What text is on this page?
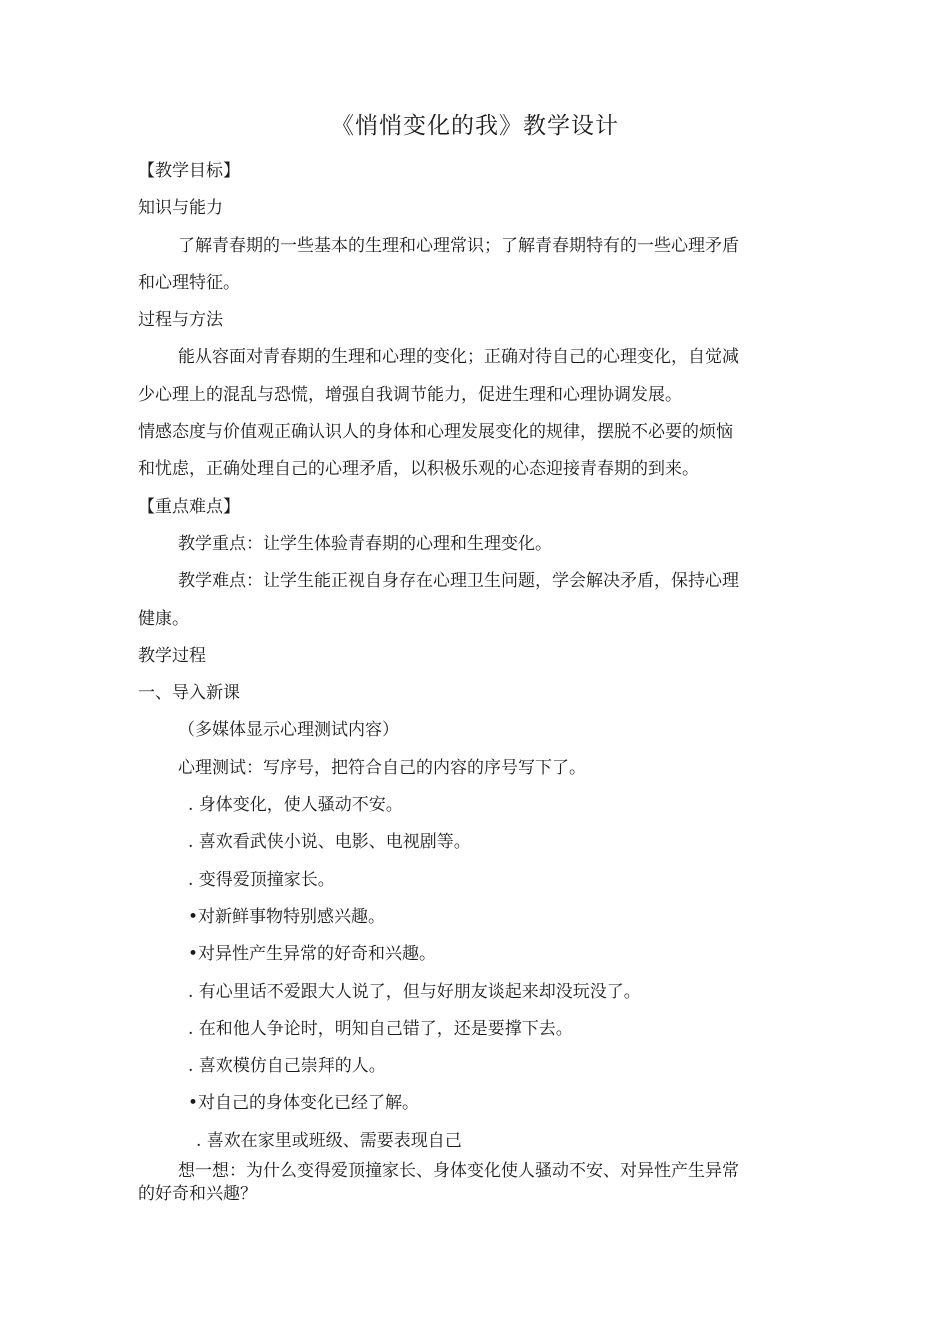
《悄悄变化的我》教学设计
【教学目标】
知识与能力
了解青春期的一些基本的生理和心理常识；了解青春期特有的一些心理矛盾
和心理特征。
过程与方法
能从容面对青春期的生理和心理的变化；正确对待自己的心理变化，自觉减
少心理上的混乱与恐慌，增强自我调节能力，促进生理和心理协调发展。
情感态度与价值观正确认识人的身体和心理发展变化的规律，摆脱不必要的烦恼
和忧虑，正确处理自己的心理矛盾，以积极乐观的心态迎接青春期的到来。
【重点难点】
教学重点：让学生体验青春期的心理和生理变化。
教学难点：让学生能正视自身存在心理卫生问题，学会解决矛盾，保持心理
健康。
教学过程
一、导入新课
（多媒体显示心理测试内容）
心理测试：写序号，把符合自己的内容的序号写下了。
. 身体变化，使人骚动不安。
. 喜欢看武侠小说、电影、电视剧等。
. 变得爱顶撞家长。
•对新鲜事物特别感兴趣。
•对异性产生异常的好奇和兴趣。
. 有心里话不爱跟大人说了，但与好朋友谈起来却没玩没了。
. 在和他人争论时，明知自己错了，还是要撑下去。
. 喜欢模仿自己崇拜的人。
•对自己的身体变化已经了解。
. 喜欢在家里或班级、需要表现自己
想一想：为什么变得爱顶撞家长、身体变化使人骚动不安、对异性产生异常
的好奇和兴趣？
